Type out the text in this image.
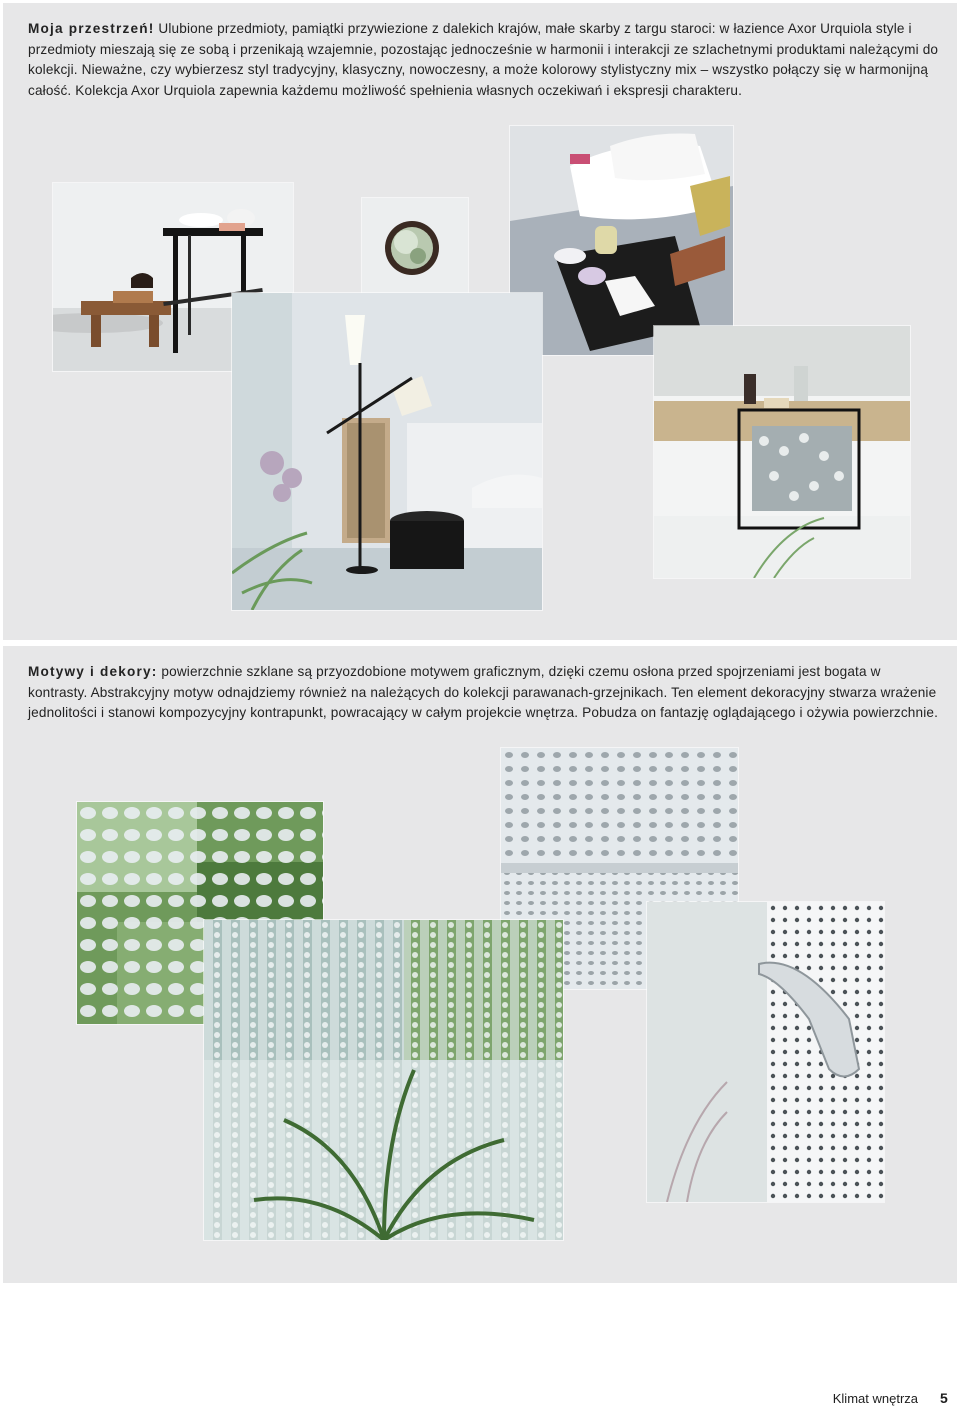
Moja przestrzeń! Ulubione przedmioty, pamiątki przywiezione z dalekich krajów, małe skarby z targu staroci: w łazience Axor Urquiola style i przedmioty mieszają się ze sobą i przenikają wzajemnie, pozostając jednocześnie w harmonii i interakcji ze szlachetnymi produktami należącymi do kolekcji. Nieważne, czy wybierzesz styl tradycyjny, klasyczny, nowoczesny, a może kolorowy stylistyczny mix – wszystko połączy się w harmonijną całość. Kolekcja Axor Urquiola zapewnia każdemu możliwość spełnienia własnych oczekiwań i ekspresji charakteru.

Motywy i dekory: powierzchnie szklane są przyozdobione motywem graficznym, dzięki czemu osłona przed spojrzeniami jest bogata w kontrasty. Abstrakcyjny motyw odnajdziemy również na należących do kolekcji parawanach-grzejnikach. Ten element dekoracyjny stwarza wrażenie jednolitości i stanowi kompozycyjny kontrapunkt, powracający w całym projekcie wnętrza. Pobudza on fantazję oglądającego i ożywia powierzchnie.

Klimat wnętrza 5
